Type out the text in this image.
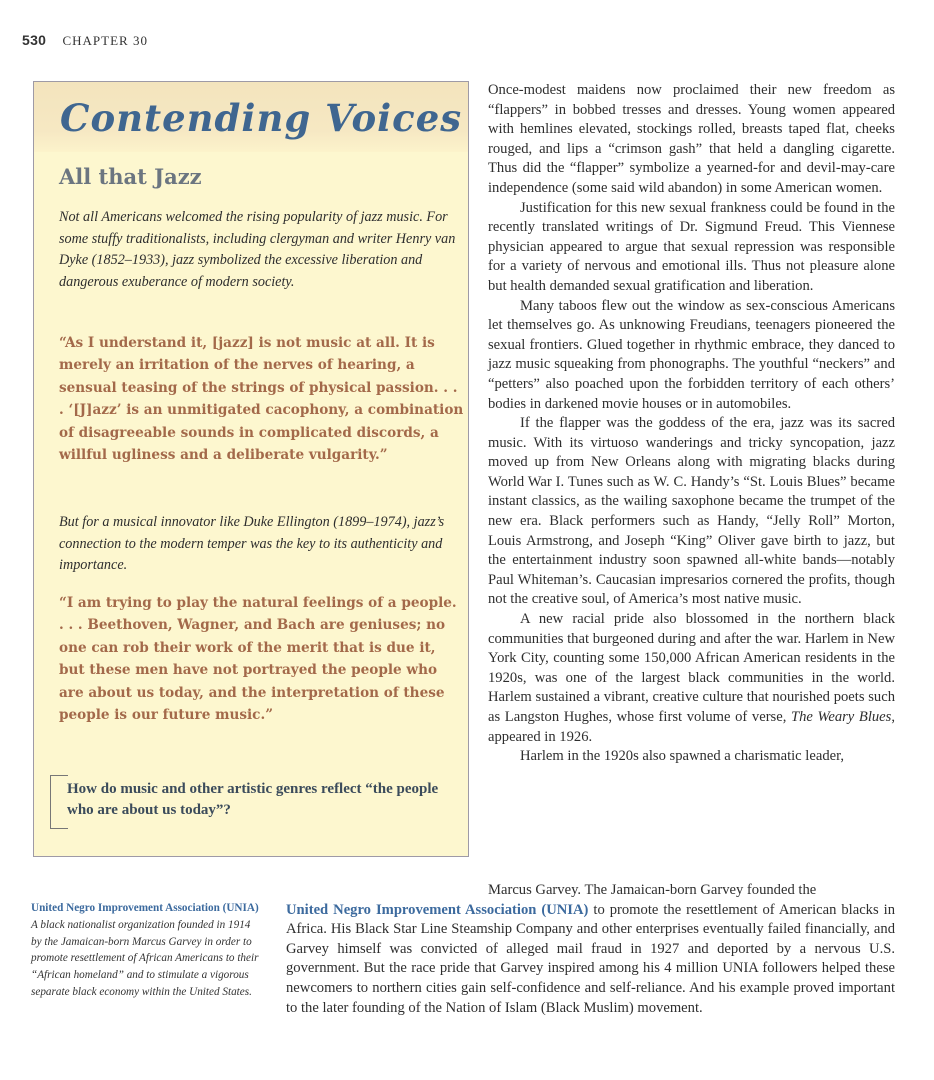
530 CHAPTER 30
Contending Voices
All that Jazz
Not all Americans welcomed the rising popularity of jazz music. For some stuffy traditionalists, including clergyman and writer Henry van Dyke (1852–1933), jazz symbolized the excessive liberation and dangerous exuberance of modern society.
“As I understand it, [jazz] is not music at all. It is merely an irritation of the nerves of hearing, a sensual teasing of the strings of physical passion. . . . ‘[J]azz’ is an unmitigated cacophony, a combination of disagreeable sounds in complicated discords, a willful ugliness and a deliberate vulgarity.”
But for a musical innovator like Duke Ellington (1899–1974), jazz’s connection to the modern temper was the key to its authenticity and importance.
“I am trying to play the natural feelings of a people. . . . Beethoven, Wagner, and Bach are geniuses; no one can rob their work of the merit that is due it, but these men have not portrayed the people who are about us today, and the interpretation of these people is our future music.”
How do music and other artistic genres reflect “the people who are about us today”?

Once-modest maidens now proclaimed their new freedom as “flappers” in bobbed tresses and dresses. Young women appeared with hemlines elevated, stockings rolled, breasts taped flat, cheeks rouged, and lips a “crimson gash” that held a dangling cigarette. Thus did the “flapper” symbolize a yearned-for and devil-may-care independence (some said wild abandon) in some American women.

Justification for this new sexual frankness could be found in the recently translated writings of Dr. Sigmund Freud. This Viennese physician appeared to argue that sexual repression was responsible for a variety of nervous and emotional ills. Thus not pleasure alone but health demanded sexual gratification and liberation.

Many taboos flew out the window as sex-conscious Americans let themselves go. As unknowing Freudians, teenagers pioneered the sexual frontiers. Glued together in rhythmic embrace, they danced to jazz music squeaking from phonographs. The youthful “neckers” and “petters” also poached upon the forbidden territory of each others’ bodies in darkened movie houses or in automobiles.

If the flapper was the goddess of the era, jazz was its sacred music. With its virtuoso wanderings and tricky syncopation, jazz moved up from New Orleans along with migrating blacks during World War I. Tunes such as W. C. Handy’s “St. Louis Blues” became instant classics, as the wailing saxophone became the trumpet of the new era. Black performers such as Handy, “Jelly Roll” Morton, Louis Armstrong, and Joseph “King” Oliver gave birth to jazz, but the entertainment industry soon spawned all-white bands—notably Paul Whiteman’s. Caucasian impresarios cornered the profits, though not the creative soul, of America’s most native music.

A new racial pride also blossomed in the northern black communities that burgeoned during and after the war. Harlem in New York City, counting some 150,000 African American residents in the 1920s, was one of the largest black communities in the world. Harlem sustained a vibrant, creative culture that nourished poets such as Langston Hughes, whose first volume of verse, The Weary Blues, appeared in 1926.

Harlem in the 1920s also spawned a charismatic leader,

Marcus Garvey. The Jamaican-born Garvey founded the
United Negro Improvement Association (UNIA) to promote the resettlement of American blacks in Africa. His Black Star Line Steamship Company and other enterprises eventually failed financially, and Garvey himself was convicted of alleged mail fraud in 1927 and deported by a nervous U.S. government. But the race pride that Garvey inspired among his 4 million UNIA followers helped these newcomers to northern cities gain self-confidence and self-reliance. And his example proved important to the later founding of the Nation of Islam (Black Muslim) movement.
United Negro Improvement Association (UNIA)  A black nationalist organization founded in 1914 by the Jamaican-born Marcus Garvey in order to promote resettlement of African Americans to their “African homeland” and to stimulate a vigorous separate black economy within the United States.
